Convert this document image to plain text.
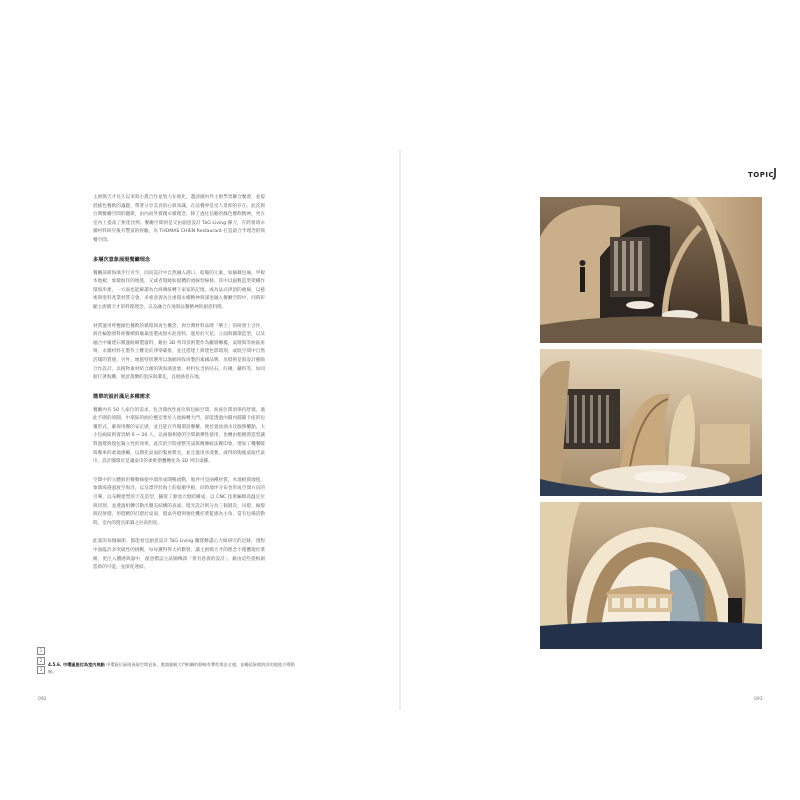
TOPIC

主廚簡天才長久以來與小農合作並致力在地化，邀請國內外主廚學習聯合餐會，並提倡綠色餐飲的議題，帶著分享美食的心與知識，在法餐界是受人景仰的存在。此次與台灣餐廳空間的翻新，由內而外實踐永續理念，除了過往信賴的綠色餐飲精神，更在室內上提高了無產比例。餐廳空間則是交由創意設計 TaG Living 操刀，在跨領域永續材料研究後有豐富的經驗，為 THOMAS CHIEN Restaurant 打造最合乎理念的飛餐空間。

多層次意象展現餐廳理念

餐廳前緩海濱步行可至，因而設計中自然融入港口、船艙的元素，如細載包廂、甲板木地板、象徵海洋的地毯，又或者環繞如船體的流線型線條，其中以風帆造型架構作環境串連，一方面也能解讀為台海傳統轉下家家的記憶，或為法式拱頂的曲線，以藝術與塗料產業材質交會，多重意義為注重環永續精神與深度融入餐廳空間中，同時彰顯主廚簡天才的料理理念，以及融合在地與法餐精神的創意料理。

材質運用呼應綠色餐飲的循環與再生概念，與台灣材料品牌「樂土」的研發士合作，與社輪點發科經餐網與廢棄塗製成無水泥塗料，運用於天花、立面與圓環造型，以及融合中庸建石膜運路網製器料，藉由 3D 列印技術製作為屬層櫃檯，桌層與等候區座椅，永續材料在製作上難迫於淨零碳排，並且搭建上與建色影環刻，或既空間中自然活樣的質感，另外，地毯特別選用以漁網回收再製的素國品牌，吊燈則是與設計藝師合作設計，以植物素材結合創的與海濱意象，材料包含咕咕石、紅磚、藏料等，如同船打著海灘，展意蒸蘭的泡沫與潔花，以展感意在地。

簡單的設計滿足多種需求

餐廳內有 50 人座位的需求，包含開放性座位與包廂空間，而座位間須保持舒適，適此不圍的原圓，中環區的曲位應室要於人流線轉大門，卻能透過內圓內圓圓卡座的包覆形式，確保用餐的安定感，並且能在外圈環設餐櫃，便於置放酒水及服務櫃點，大小包廂區則置容納 6 ~ 20 人，以兩個相連的空間做彈性使用，也轉由粗樹窗造型讓對過燈與復包獨立性的效果，此次的空間重整雪試與精傳統法餐印象，增加了機餐暖與餐車的柔適感觸，以期化桌面的緊複費具，並且運用喜漫薯，歲得的陶瓶桌取代桌巾，設計團隊於是讓桌巾的柔軟摺疊轉化為 3D 列印桌腳。

空間中的立體與用餐動線使中環形成開暢流動，地坪可見兩種材質，木地板與地毯，象徵海港過渡至海洋，以及漂浮於海上的船艙甲板，同時地坪分布也形成空間方向的引導，以布幔建塑的天花造型，鑲嵌了源池大燈結構成，以 CNC 技術編爆高溫定位與切割，並透過組纏引動出優美結構的表面，燈光設計則分為三個層次，吊燈、線燈與投射燈，用燈精的打燈於桌面，燈桌外燈則強化機托菜籃感為主角，當有包場活動時，室內的燈具節調之拉高明度。

此案的每個細節，都能看見創意設計 TaG Living 團隊精盡心力做研究的足跡，透程中面臨許多突破性的挑戰，每每獲得得大約數發，讓主廚簡天才的理念不僅體現於菜餚，更注入體感與器中，創意標誌主試圖傳譯「會有意義的設計」，藉由這些提相創造新的可能，並深度連結。

1
2
3
4.5.6. 中環區座位為室內焦點 中環區位區則展現空間意象，邀請風帆大門相聯的動線有彈性與安全感，並輔延象徵海洋的地毯引導動線。
092	093
